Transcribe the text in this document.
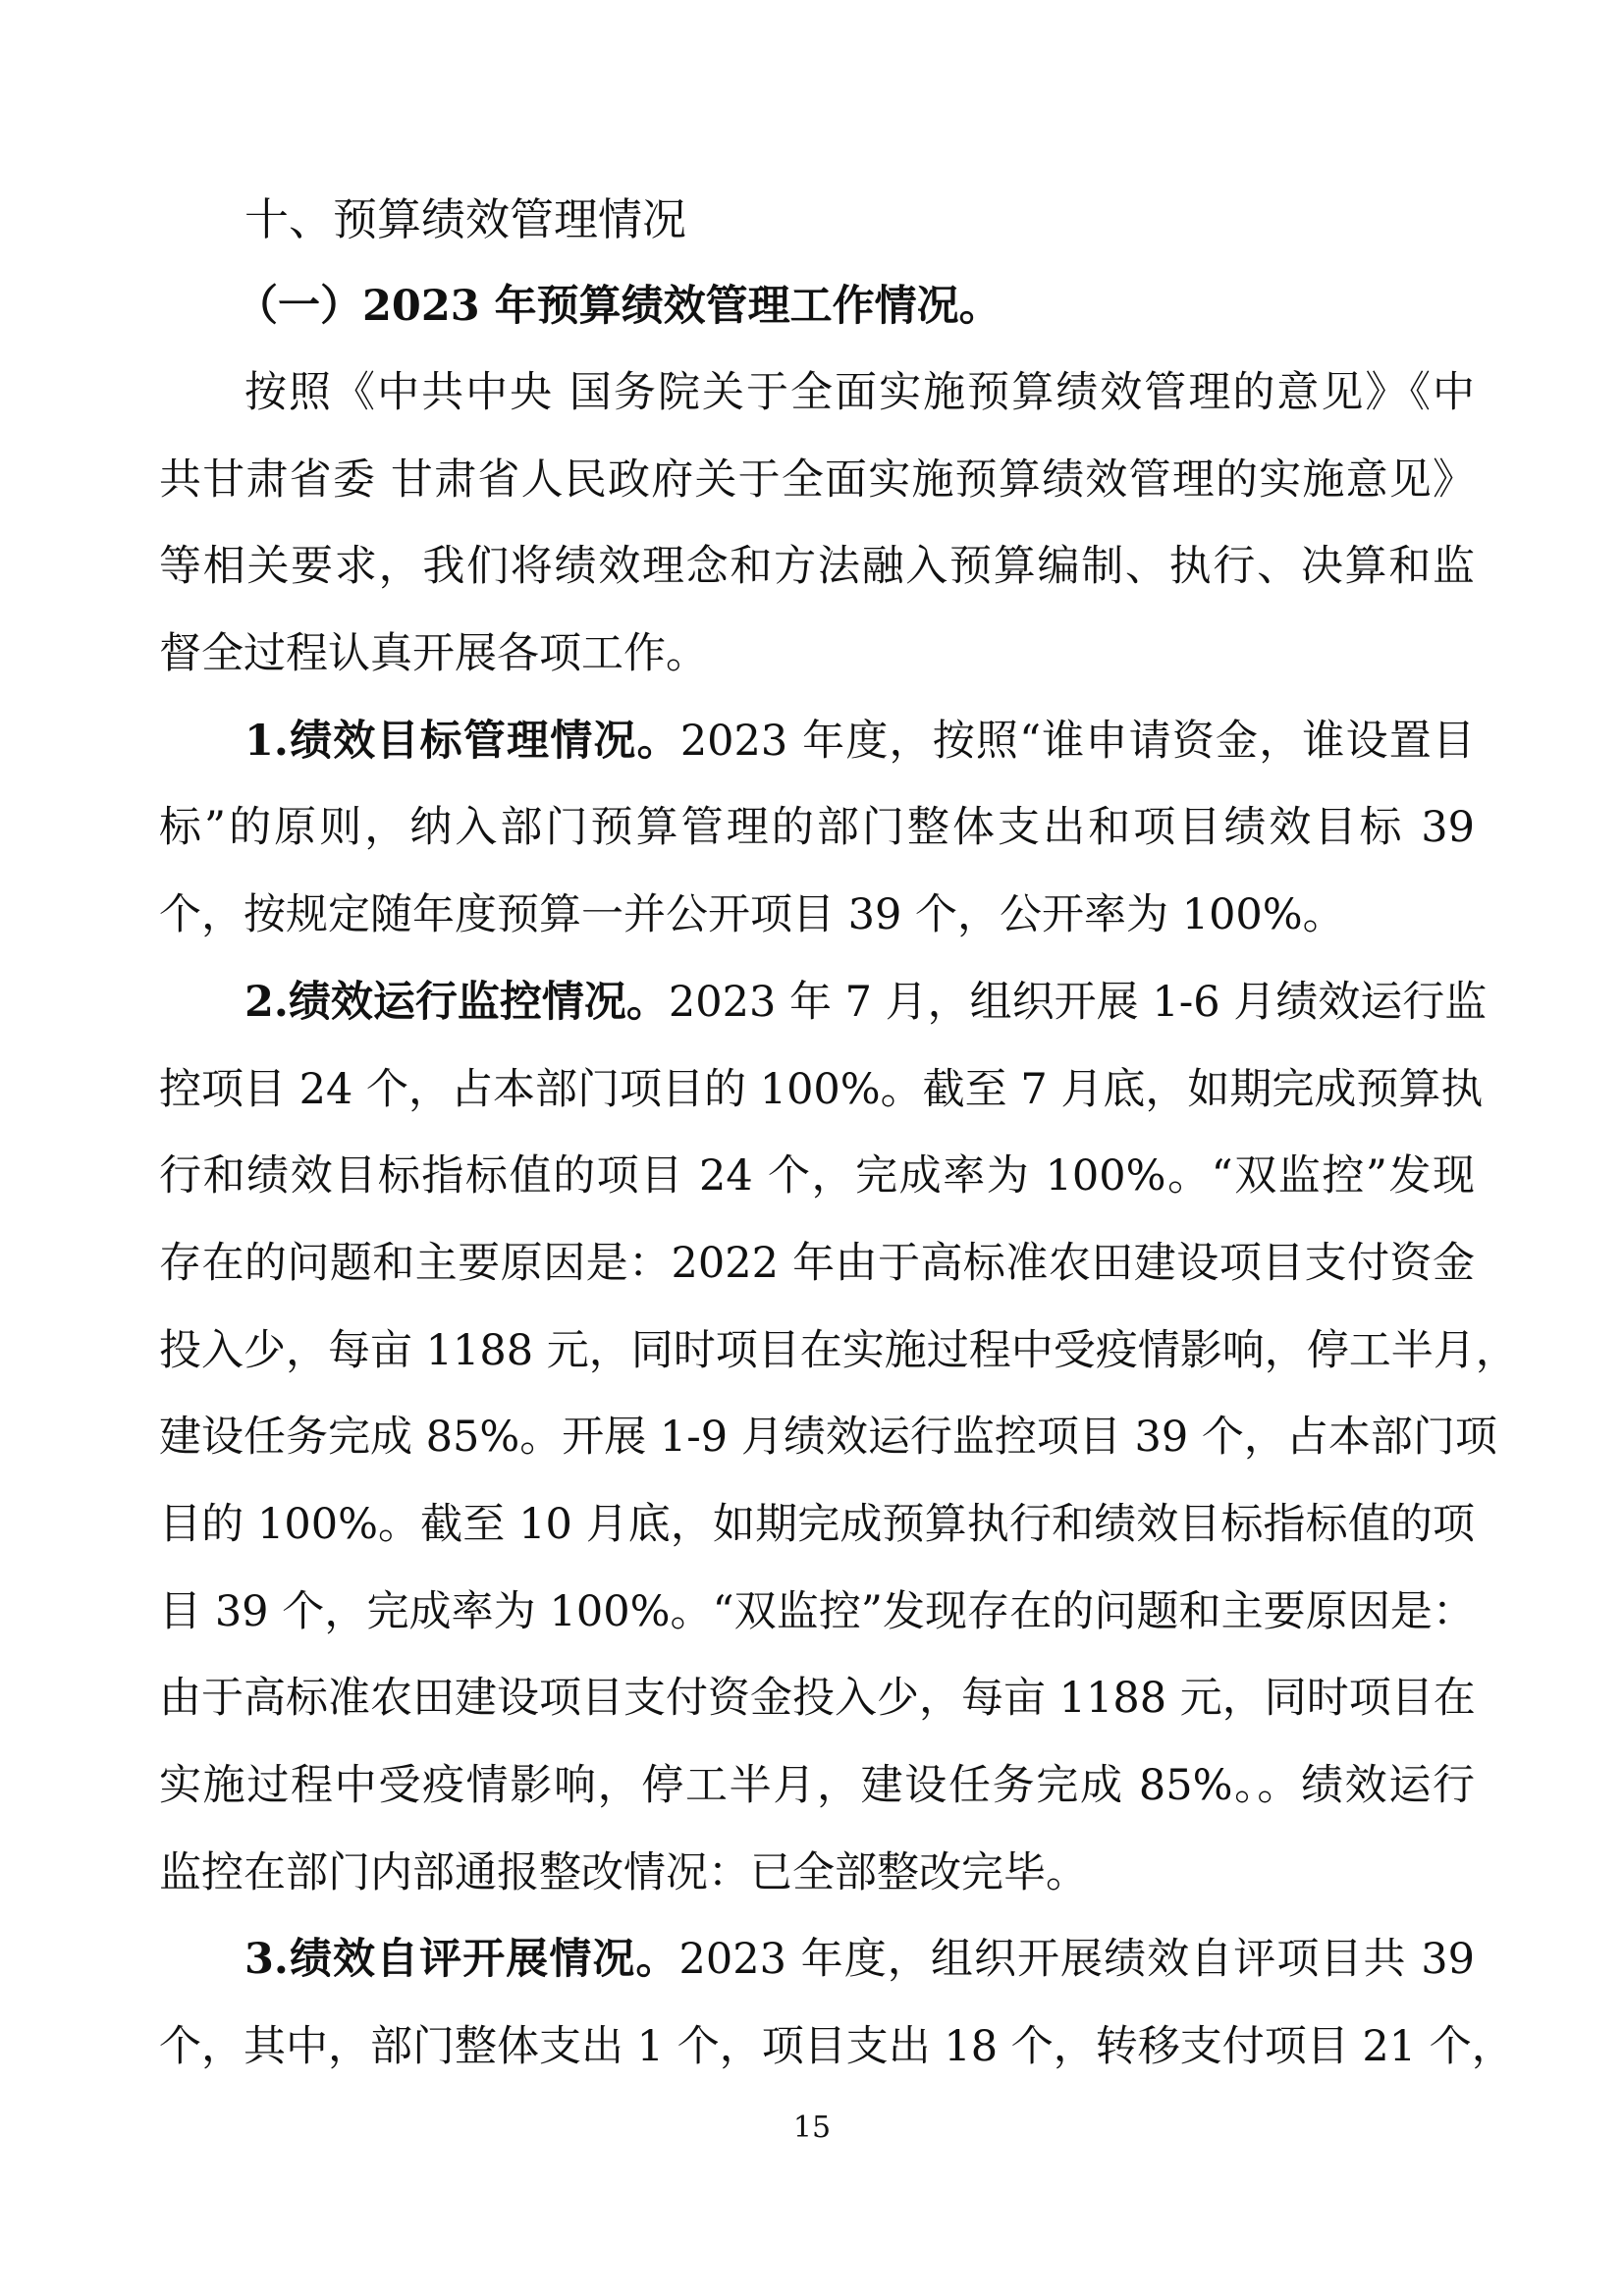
十、预算绩效管理情况

（一）2023 年预算绩效管理工作情况。

按照《中共中央 国务院关于全面实施预算绩效管理的意见》《中

共甘肃省委 甘肃省人民政府关于全面实施预算绩效管理的实施意见》

等相关要求，我们将绩效理念和方法融入预算编制、执行、决算和监

督全过程认真开展各项工作。

1.绩效目标管理情况。2023 年度，按照“谁申请资金，谁设置目

标”的原则，纳入部门预算管理的部门整体支出和项目绩效目标 39

个，按规定随年度预算一并公开项目 39 个，公开率为 100%。

2.绩效运行监控情况。2023 年 7 月，组织开展 1-6 月绩效运行监

控项目 24 个，占本部门项目的 100%。截至 7 月底，如期完成预算执

行和绩效目标指标值的项目 24 个，完成率为 100%。“双监控”发现

存在的问题和主要原因是：2022 年由于高标准农田建设项目支付资金

投入少，每亩 1188 元，同时项目在实施过程中受疫情影响，停工半月，

建设任务完成 85%。开展 1-9 月绩效运行监控项目 39 个，占本部门项

目的 100%。截至 10 月底，如期完成预算执行和绩效目标指标值的项

目 39 个，完成率为 100%。“双监控”发现存在的问题和主要原因是：

由于高标准农田建设项目支付资金投入少，每亩 1188 元，同时项目在

实施过程中受疫情影响，停工半月，建设任务完成 85%。。绩效运行

监控在部门内部通报整改情况：已全部整改完毕。

3.绩效自评开展情况。2023 年度，组织开展绩效自评项目共 39

个，其中，部门整体支出 1 个，项目支出 18 个，转移支付项目 21 个，

15
